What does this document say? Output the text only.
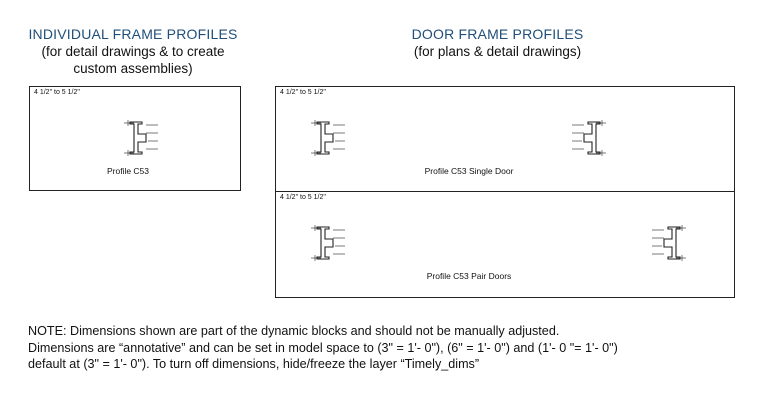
INDIVIDUAL FRAME PROFILES
(for detail drawings & to create
custom assemblies)
DOOR FRAME PROFILES
(for plans & detail drawings)
4 1/2" to 5 1/2"
Profile C53
4 1/2" to 5 1/2"
Profile C53 Single Door
4 1/2" to 5 1/2"
Profile C53 Pair Doors
NOTE: Dimensions shown are part of the dynamic blocks and should not be manually adjusted.
Dimensions are “annotative” and can be set in model space to (3" = 1'- 0"), (6" = 1'- 0") and (1'- 0 "= 1'- 0")
default at (3" = 1'- 0"). To turn off dimensions, hide/freeze the layer “Timely_dims”
